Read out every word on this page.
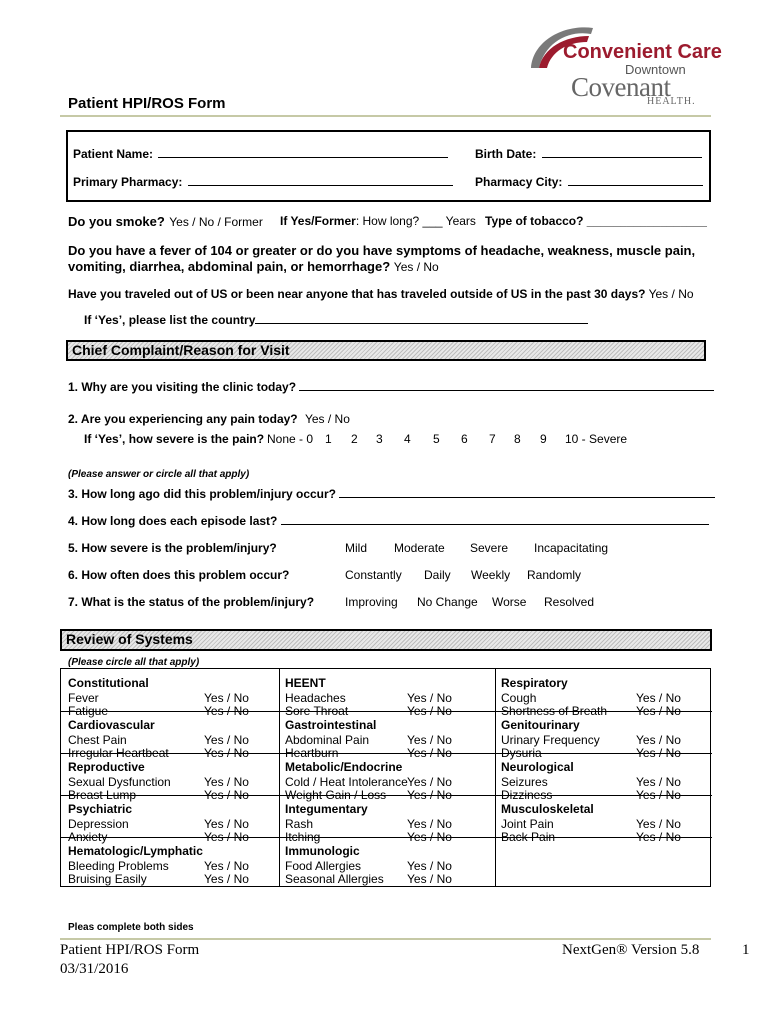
Convenient Care
Downtown
Covenant
HEALTH.
Patient HPI/ROS Form
Patient Name:	Birth Date:
Primary Pharmacy:	Pharmacy City:
Do you smoke? Yes / No / Former If Yes/Former: How long? ___ Years Type of tobacco? __________________
Do you have a fever of 104 or greater or do you have symptoms of headache, weakness, muscle pain,
vomiting, diarrhea, abdominal pain, or hemorrhage? Yes / No
Have you traveled out of US or been near anyone that has traveled outside of US in the past 30 days? Yes / No
If ‘Yes’, please list the country
Chief Complaint/Reason for Visit
1. Why are you visiting the clinic today?
2. Are you experiencing any pain today? Yes / No
If ‘Yes’, how severe is the pain? None - 0 1 2 3 4 5 6 7 8 9 10 - Severe
(Please answer or circle all that apply)
3. How long ago did this problem/injury occur?
4. How long does each episode last?
5. How severe is the problem/injury?	Mild Moderate Severe Incapacitating
6. How often does this problem occur?	Constantly Daily Weekly Randomly
7. What is the status of the problem/injury?	Improving No Change Worse Resolved
Review of Systems
(Please circle all that apply)
Constitutional
Fever	Yes / No
Fatigue	Yes / No
Cardiovascular
Chest Pain	Yes / No
Irregular Heartbeat	Yes / No
Reproductive
Sexual Dysfunction	Yes / No
Breast Lump	Yes / No
Psychiatric
Depression	Yes / No
Anxiety	Yes / No
Hematologic/Lymphatic
Bleeding Problems	Yes / No
Bruising Easily	Yes / No
HEENT
Headaches	Yes / No
Sore Throat	Yes / No
Gastrointestinal
Abdominal Pain	Yes / No
Heartburn	Yes / No
Metabolic/Endocrine
Cold / Heat Intolerance Yes / No
Weight Gain / Loss Yes / No
Integumentary
Rash	Yes / No
Itching	Yes / No
Immunologic
Food Allergies	Yes / No
Seasonal Allergies Yes / No
Respiratory
Cough	Yes / No
Shortness of Breath Yes / No
Genitourinary
Urinary Frequency	Yes / No
Dysuria	Yes / No
Neurological
Seizures	Yes / No
Dizziness	Yes / No
Musculoskeletal
Joint Pain	Yes / No
Back Pain	Yes / No
Pleas complete both sides
Patient HPI/ROS Form
03/31/2016
NextGen® Version 5.8	1
